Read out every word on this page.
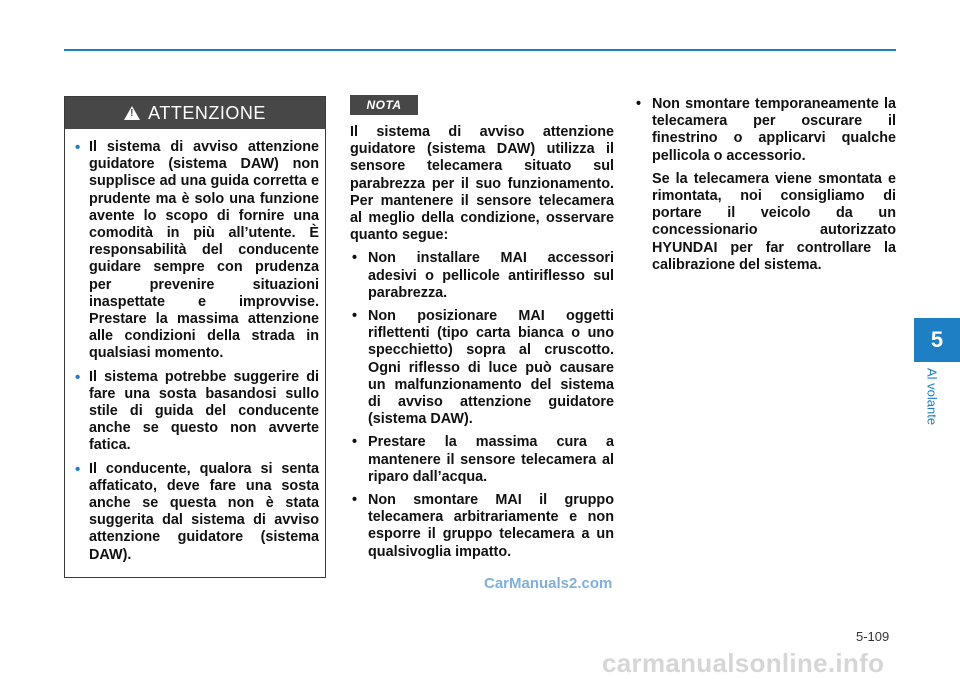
!
ATTENZIONE
• Il sistema di avviso attenzione guidatore (sistema DAW) non supplisce ad una guida corretta e prudente ma è solo una funzione avente lo scopo di fornire una comodità in più all’utente. È responsabilità del conducente guidare sempre con prudenza per prevenire situazioni inaspettate e improvvise. Prestare la massima attenzione alle condizioni della strada in qualsiasi momento.
• Il sistema potrebbe suggerire di fare una sosta basandosi sullo stile di guida del conducente anche se questo non avverte fatica.
• Il conducente, qualora si senta affaticato, deve fare una sosta anche se questa non è stata suggerita dal sistema di avviso attenzione guidatore (sistema DAW).
NOTA

Il sistema di avviso attenzione guidatore (sistema DAW) utilizza il sensore telecamera situato sul parabrezza per il suo funzionamento. Per mantenere il sensore telecamera al meglio della condizione, osservare quanto segue:

• Non installare MAI accessori adesivi o pellicole antiriflesso sul parabrezza.
• Non posizionare MAI oggetti riflettenti (tipo carta bianca o uno specchietto) sopra al cruscotto. Ogni riflesso di luce può causare un malfunzionamento del sistema di avviso attenzione guidatore (sistema DAW).
• Prestare la massima cura a mantenere il sensore telecamera al riparo dall’acqua.
• Non smontare MAI il gruppo telecamera arbitrariamente e non esporre il gruppo telecamera a un qualsivoglia impatto.
• Non smontare temporaneamente la telecamera per oscurare il finestrino o applicarvi qualche pellicola o accessorio.

Se la telecamera viene smontata e rimontata, noi consigliamo di portare il veicolo da un concessionario autorizzato HYUNDAI per far controllare la calibrazione del sistema.

CarManuals2.com
5
Al volante
5-109
carmanualsonline.info
